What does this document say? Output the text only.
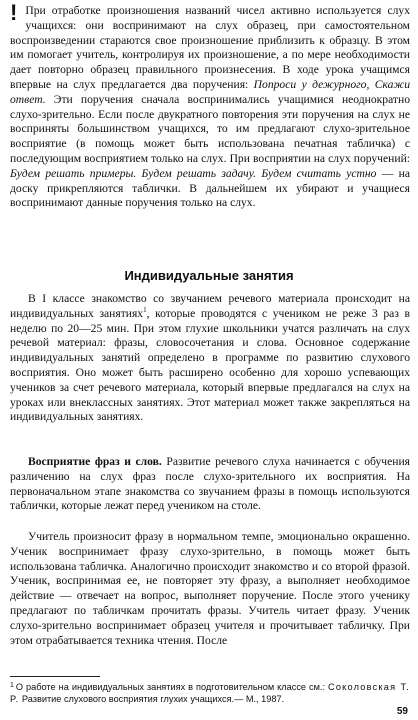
! При отработке произношения названий чисел активно используется слух учащихся: они воспринимают на слух образец, при самостоятельном воспроизведении стараются свое произношение приблизить к образцу. В этом им помогает учитель, контролируя их произношение, а по мере необходимости дает повторно образец правильного произнесения. В ходе урока учащимся впервые на слух предлагается два поручения: Попроси у дежурного, Скажи ответ. Эти поручения сначала воспринимались учащимися неоднократно слухо-зрительно. Если после двукратного повторения эти поручения на слух не восприняты большинством учащихся, то им предлагают слухо-зрительное восприятие (в помощь может быть использована печатная табличка) с последующим восприятием только на слух. При восприятии на слух поручений: Будем решать примеры. Будем решать задачу. Будем считать устно — на доску прикрепляются таблички. В дальнейшем их убирают и учащиеся воспринимают данные поручения только на слух.
Индивидуальные занятия
В I классе знакомство со звучанием речевого материала происходит на индивидуальных занятиях$^1$, которые проводятся с учеником не реже 3 раз в неделю по 20—25 мин. При этом глухие школьники учатся различать на слух речевой материал: фразы, словосочетания и слова. Основное содержание индивидуальных занятий определено в программе по развитию слухового восприятия. Оно может быть расширено особенно для хорошо успевающих учеников за счет речевого материала, который впервые предлагался на слух на уроках или внеклассных занятиях. Этот материал может также закрепляться на индивидуальных занятиях.
Восприятие фраз и слов. Развитие речевого слуха начинается с обучения различению на слух фраз после слухо-зрительного их восприятия. На первоначальном этапе знакомства со звучанием фразы в помощь используются таблички, которые лежат перед учеником на столе.
Учитель произносит фразу в нормальном темпе, эмоционально окрашенно. Ученик воспринимает фразу слухо-зрительно, в помощь может быть использована табличка. Аналогично происходит знакомство и со второй фразой. Ученик, воспринимая ее, не повторяет эту фразу, а выполняет необходимое действие — отвечает на вопрос, выполняет поручение. После этого ученику предлагают по табличкам прочитать фразы. Учитель читает фразу. Ученик слухо-зрительно воспринимает образец учителя и прочитывает табличку. При этом отрабатывается техника чтения. После
$^1$ О работе на индивидуальных занятиях в подготовительном классе см.: Соколовская Т. Р. Развитие слухового восприятия глухих учащихся.— М., 1987.
59
